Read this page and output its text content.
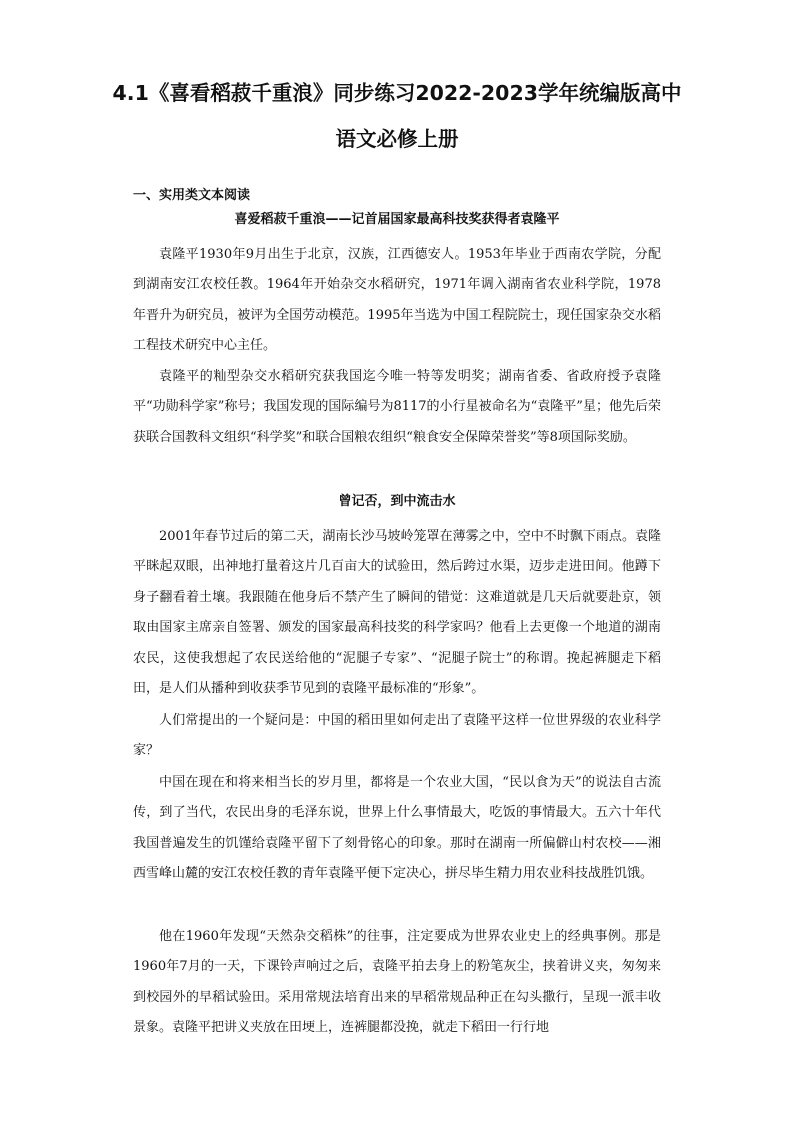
4.1《喜看稻菽千重浪》同步练习2022-2023学年统编版高中
语文必修上册
一、实用类文本阅读
喜爱稻菽千重浪——记首届国家最高科技奖获得者袁隆平

袁隆平1930年9月出生于北京，汉族，江西德安人。1953年毕业于西南农学院，分配到湖南安江农校任教。1964年开始杂交水稻研究，1971年调入湖南省农业科学院，1978年晋升为研究员，被评为全国劳动模范。1995年当选为中国工程院院士，现任国家杂交水稻工程技术研究中心主任。

袁隆平的籼型杂交水稻研究获我国迄今唯一特等发明奖；湖南省委、省政府授予袁隆平“功勋科学家”称号；我国发现的国际编号为8117的小行星被命名为“袁隆平”星；他先后荣获联合国教科文组织“科学奖”和联合国粮农组织“粮食安全保障荣誉奖”等8项国际奖励。

曾记否，到中流击水

2001年春节过后的第二天，湖南长沙马坡岭笼罩在薄雾之中，空中不时飘下雨点。袁隆平眯起双眼，出神地打量着这片几百亩大的试验田，然后跨过水渠，迈步走进田间。他蹲下身子翻看着土壤。我跟随在他身后不禁产生了瞬间的错觉：这难道就是几天后就要赴京，领取由国家主席亲自签署、颁发的国家最高科技奖的科学家吗？他看上去更像一个地道的湖南农民，这使我想起了农民送给他的“泥腿子专家”、“泥腿子院士”的称谓。挽起裤腿走下稻田，是人们从播种到收获季节见到的袁隆平最标准的“形象”。

人们常提出的一个疑问是：中国的稻田里如何走出了袁隆平这样一位世界级的农业科学家？

中国在现在和将来相当长的岁月里，都将是一个农业大国，“民以食为天”的说法自古流传，到了当代，农民出身的毛泽东说，世界上什么事情最大，吃饭的事情最大。五六十年代我国普遍发生的饥馑给袁隆平留下了刻骨铭心的印象。那时在湖南一所偏僻山村农校——湘西雪峰山麓的安江农校任教的青年袁隆平便下定决心，拼尽毕生精力用农业科技战胜饥饿。

他在1960年发现“天然杂交稻株”的往事，注定要成为世界农业史上的经典事例。那是1960年7月的一天，下课铃声响过之后，袁隆平拍去身上的粉笔灰尘，挟着讲义夹，匆匆来到校园外的早稻试验田。采用常规法培育出来的早稻常规品种正在勾头撒行，呈现一派丰收景象。袁隆平把讲义夹放在田埂上，连裤腿都没挽，就走下稻田一行行地
